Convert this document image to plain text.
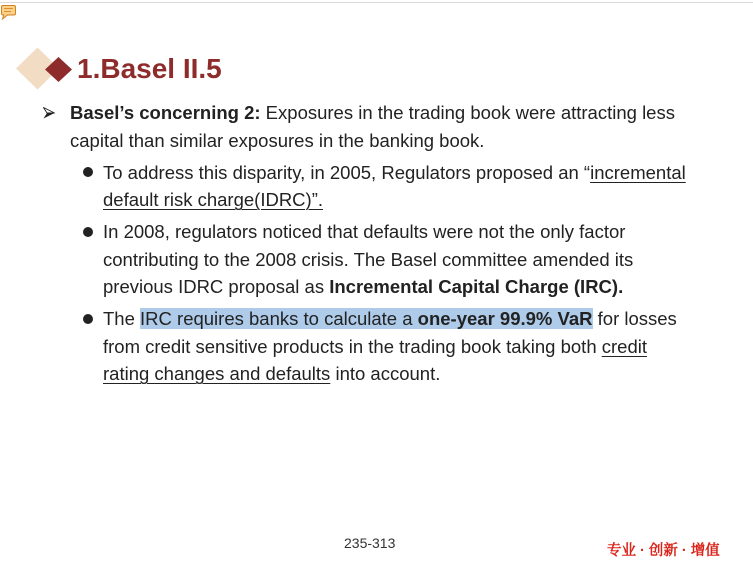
1.Basel II.5
Basel’s concerning 2: Exposures in the trading book were attracting less
capital than similar exposures in the banking book.
To address this disparity, in 2005, Regulators proposed an “incremental
default risk charge(IDRC)”.
In 2008, regulators noticed that defaults were not the only factor
contributing to the 2008 crisis. The Basel committee amended its
previous IDRC proposal as Incremental Capital Charge (IRC).
The IRC requires banks to calculate a one-year 99.9% VaR for losses
from credit sensitive products in the trading book taking both credit
rating changes and defaults into account.
235-313	专业 · 创新 · 增值
